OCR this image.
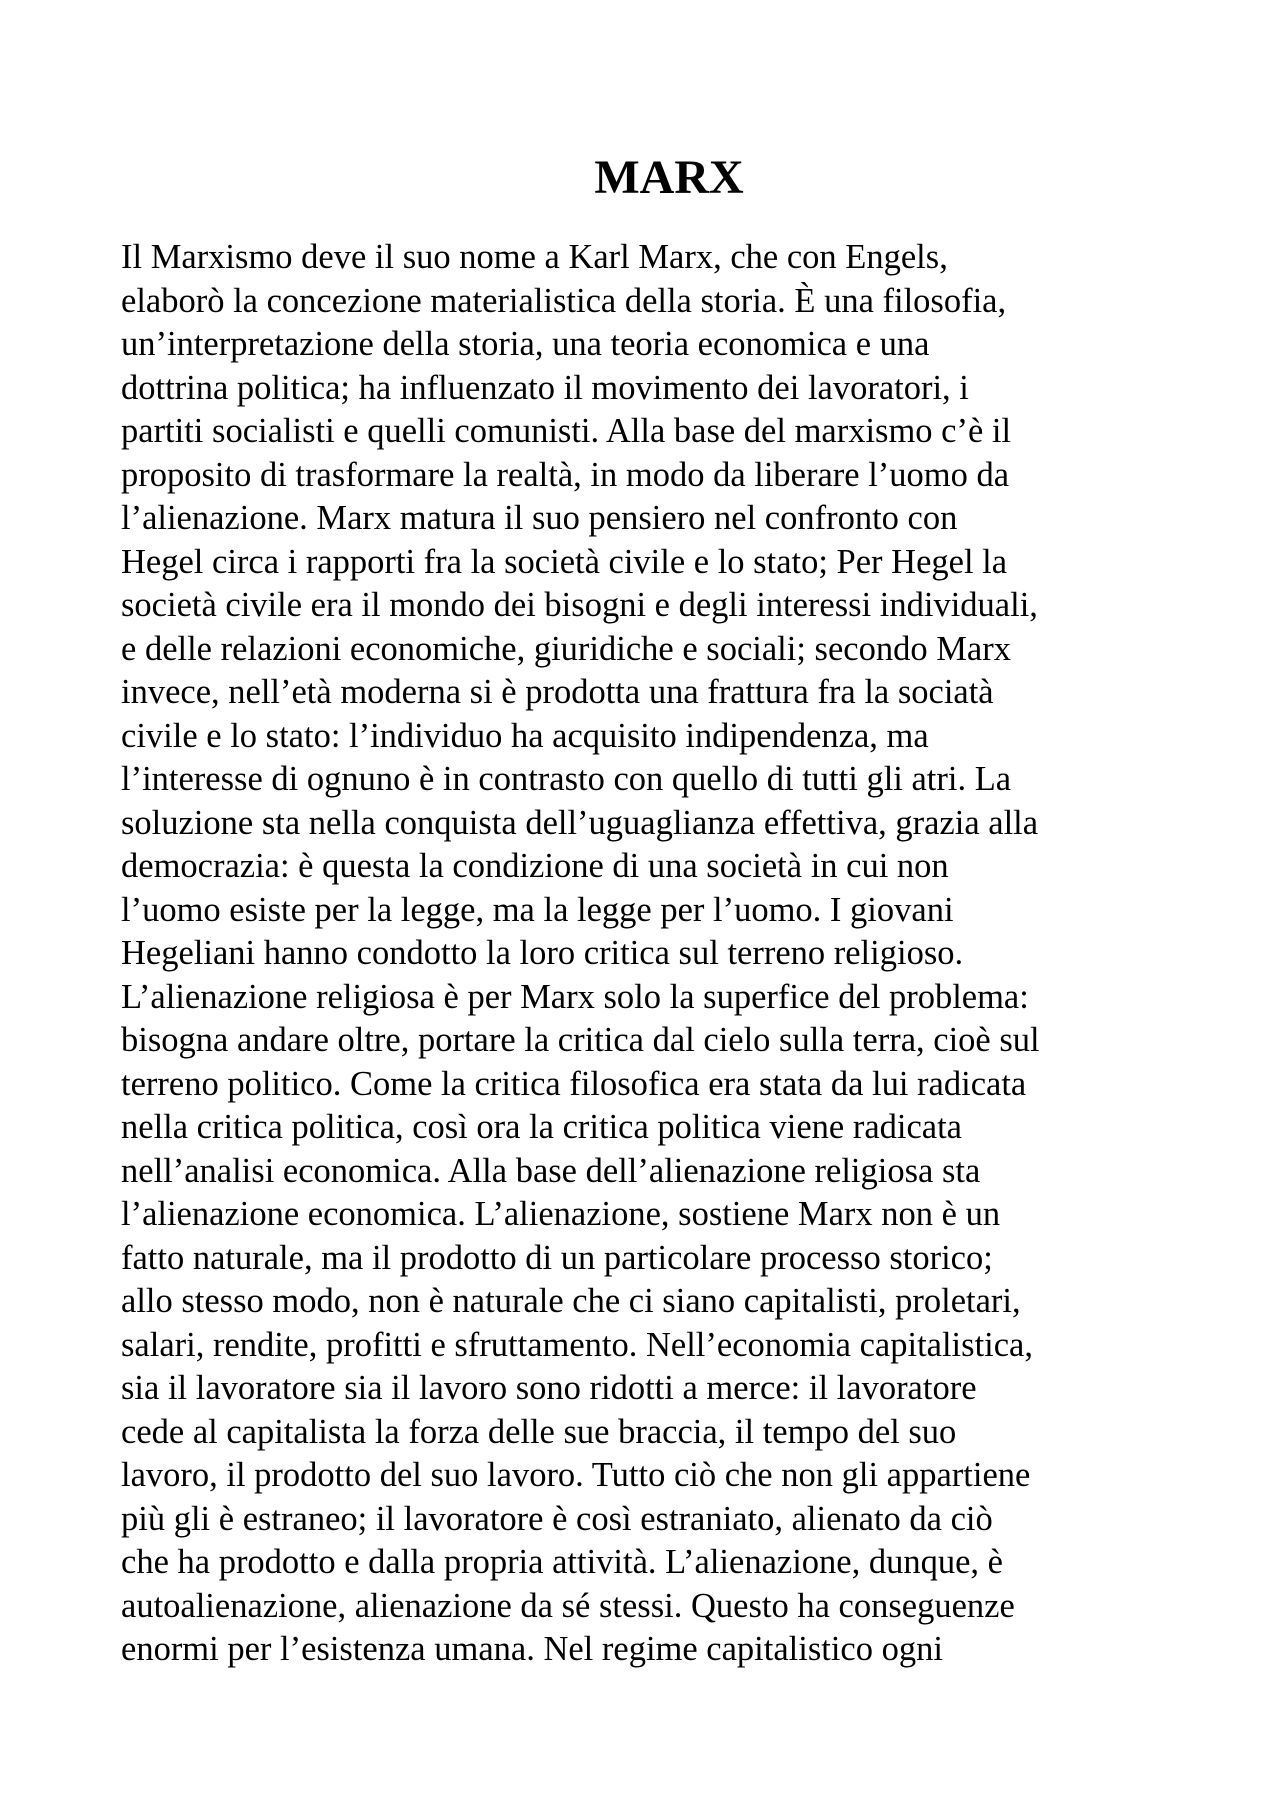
MARX

Il Marxismo deve il suo nome a Karl Marx, che con Engels,
elaborò la concezione materialistica della storia. È una filosofia,
un’interpretazione della storia, una teoria economica e una
dottrina politica; ha influenzato il movimento dei lavoratori, i
partiti socialisti e quelli comunisti. Alla base del marxismo c’è il
proposito di trasformare la realtà, in modo da liberare l’uomo da
l’alienazione. Marx matura il suo pensiero nel confronto con
Hegel circa i rapporti fra la società civile e lo stato; Per Hegel la
società civile era il mondo dei bisogni e degli interessi individuali,
e delle relazioni economiche, giuridiche e sociali; secondo Marx
invece, nell’età moderna si è prodotta una frattura fra la sociatà
civile e lo stato: l’individuo ha acquisito indipendenza, ma
l’interesse di ognuno è in contrasto con quello di tutti gli atri. La
soluzione sta nella conquista dell’uguaglianza effettiva, grazia alla
democrazia: è questa la condizione di una società in cui non
l’uomo esiste per la legge, ma la legge per l’uomo. I giovani
Hegeliani hanno condotto la loro critica sul terreno religioso.
L’alienazione religiosa è per Marx solo la superfice del problema:
bisogna andare oltre, portare la critica dal cielo sulla terra, cioè sul
terreno politico. Come la critica filosofica era stata da lui radicata
nella critica politica, così ora la critica politica viene radicata
nell’analisi economica. Alla base dell’alienazione religiosa sta
l’alienazione economica. L’alienazione, sostiene Marx non è un
fatto naturale, ma il prodotto di un particolare processo storico;
allo stesso modo, non è naturale che ci siano capitalisti, proletari,
salari, rendite, profitti e sfruttamento. Nell’economia capitalistica,
sia il lavoratore sia il lavoro sono ridotti a merce: il lavoratore
cede al capitalista la forza delle sue braccia, il tempo del suo
lavoro, il prodotto del suo lavoro. Tutto ciò che non gli appartiene
più gli è estraneo; il lavoratore è così estraniato, alienato da ciò
che ha prodotto e dalla propria attività. L’alienazione, dunque, è
autoalienazione, alienazione da sé stessi. Questo ha conseguenze
enormi per l’esistenza umana. Nel regime capitalistico ogni
